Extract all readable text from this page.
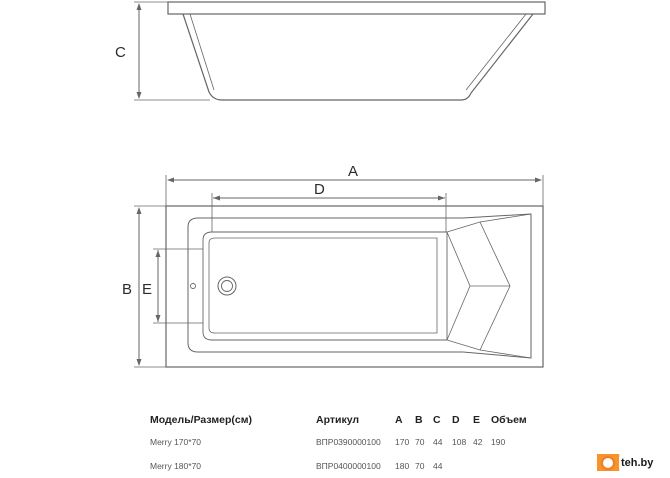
C
A
D
B E
Модель/Размер(см)	Артикул	A	B	C	D	E	Объем
Merry 170*70	ВПР0390000100	170	70	44	108	42	190
Merry 180*70	ВПР0400000100	180	70	44				teh.by
